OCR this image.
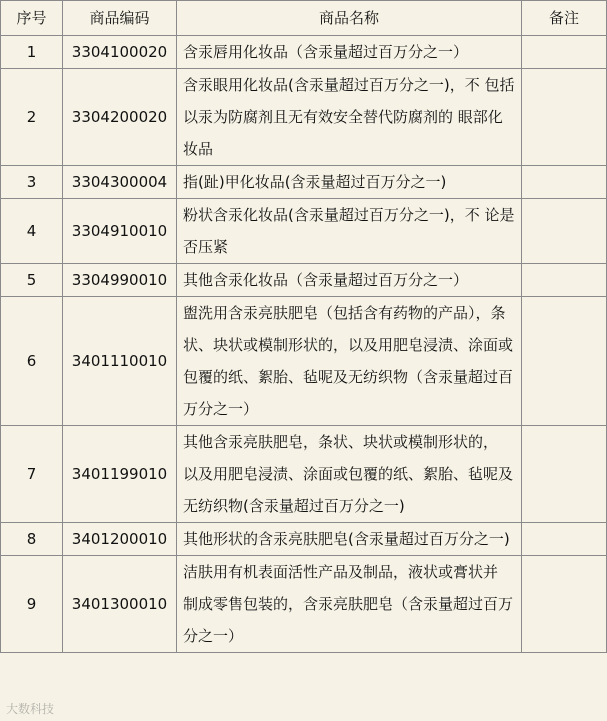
序号	商品编码	商品名称	备注
1	3304100020	含汞唇用化妆品（含汞量超过百万分之一）	
2	3304200020	含汞眼用化妆品(含汞量超过百万分之一)，不 包括以汞为防腐剂且无有效安全替代防腐剂的 眼部化妆品	
3	3304300004	指(趾)甲化妆品(含汞量超过百万分之一)	
4	3304910010	粉状含汞化妆品(含汞量超过百万分之一)，不 论是否压紧	
5	3304990010	其他含汞化妆品（含汞量超过百万分之一）	
6	3401110010	盥洗用含汞亮肤肥皂（包括含有药物的产品），条状、块状或模制形状的，以及用肥皂浸渍、涂面或包覆的纸、絮胎、毡呢及无纺织物（含汞量超过百万分之一）	
7	3401199010	其他含汞亮肤肥皂，条状、块状或模制形状的， 以及用肥皂浸渍、涂面或包覆的纸、絮胎、毡呢及无纺织物(含汞量超过百万分之一)	
8	3401200010	其他形状的含汞亮肤肥皂(含汞量超过百万分之一)	
9	3401300010	洁肤用有机表面活性产品及制品，液状或膏状并 制成零售包装的，含汞亮肤肥皂（含汞量超过百万分之一）	
大数科技
